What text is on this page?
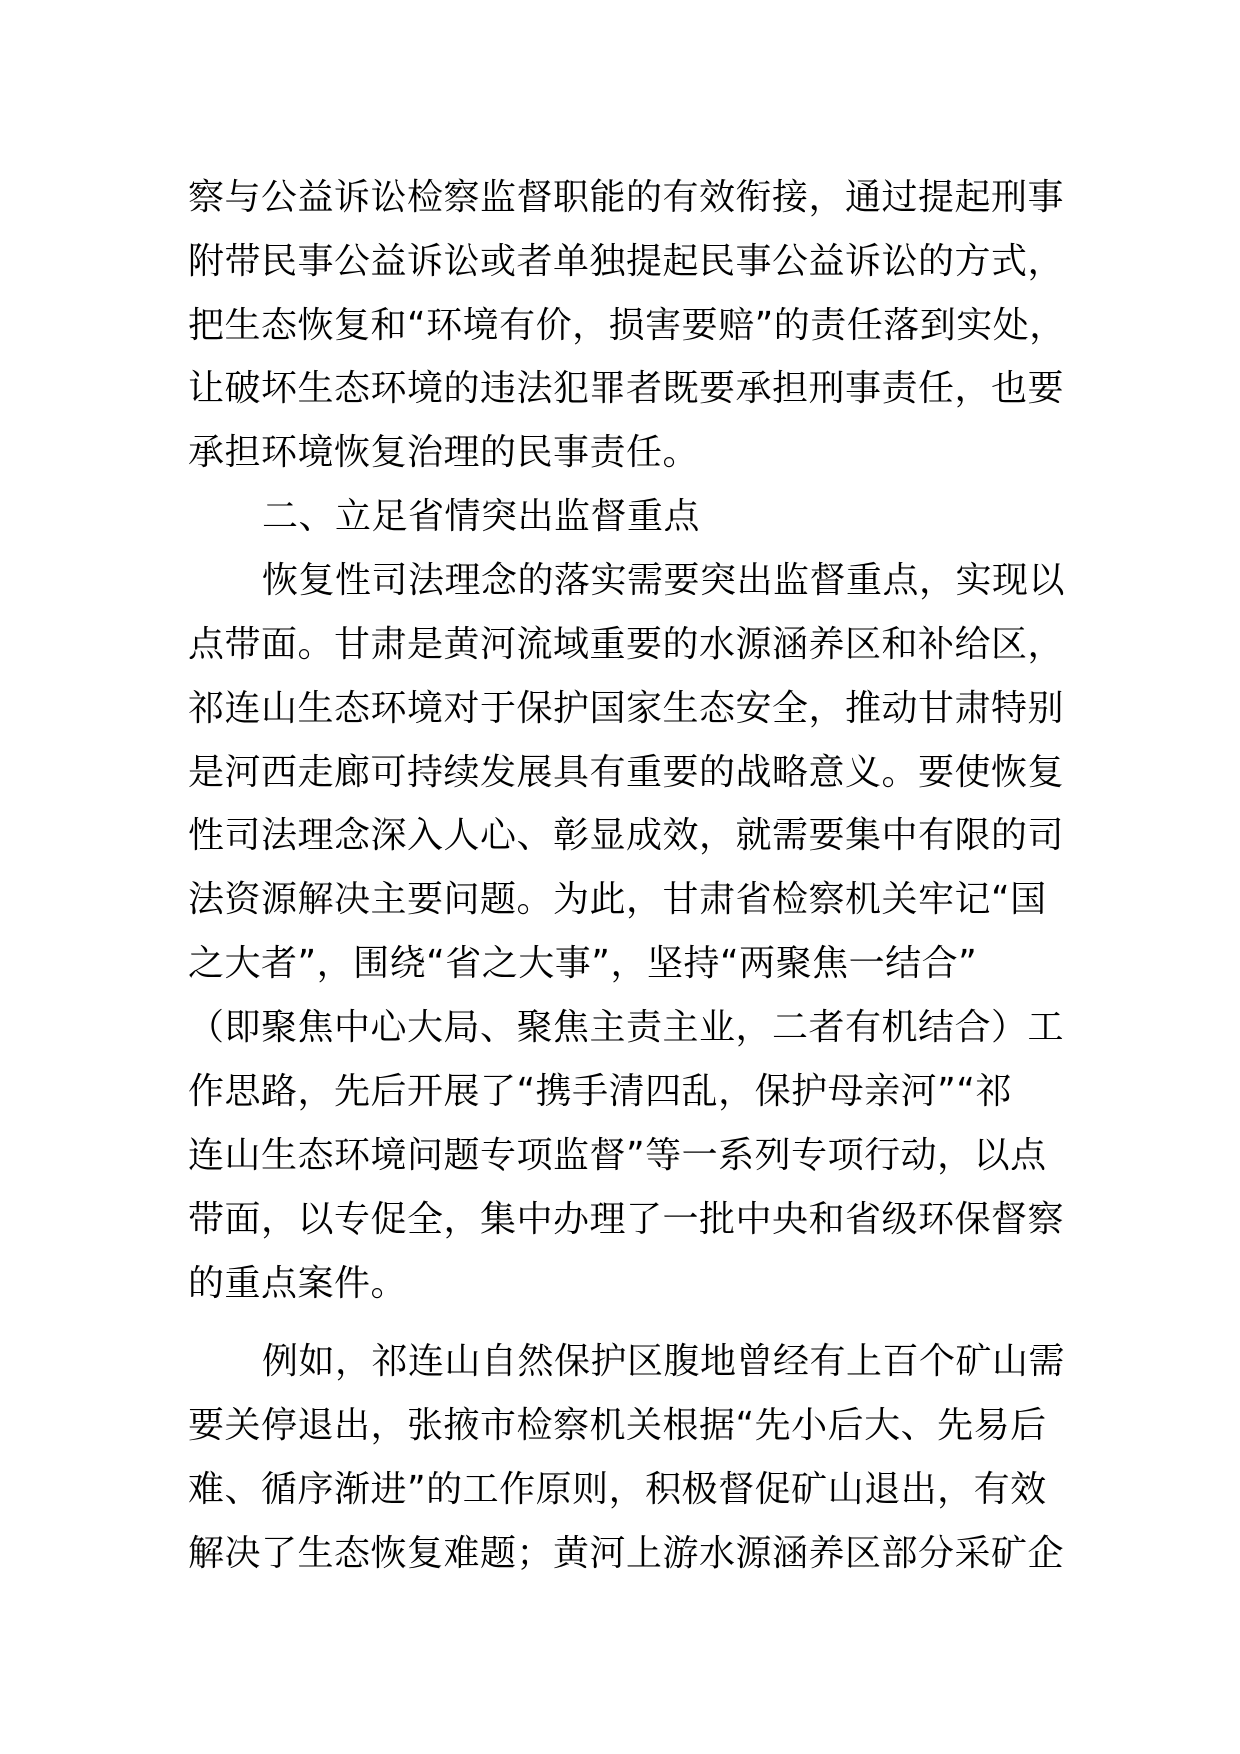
察与公益诉讼检察监督职能的有效衔接，通过提起刑事
附带民事公益诉讼或者单独提起民事公益诉讼的方式，
把生态恢复和“环境有价，损害要赔”的责任落到实处，
让破坏生态环境的违法犯罪者既要承担刑事责任，也要
承担环境恢复治理的民事责任。
二、立足省情突出监督重点
恢复性司法理念的落实需要突出监督重点，实现以
点带面。甘肃是黄河流域重要的水源涵养区和补给区，
祁连山生态环境对于保护国家生态安全，推动甘肃特别
是河西走廊可持续发展具有重要的战略意义。要使恢复
性司法理念深入人心、彰显成效，就需要集中有限的司
法资源解决主要问题。为此，甘肃省检察机关牢记“国
之大者”，围绕“省之大事”，坚持“两聚焦一结合”
（即聚焦中心大局、聚焦主责主业，二者有机结合）工
作思路，先后开展了“携手清四乱，保护母亲河”“祁
连山生态环境问题专项监督”等一系列专项行动，以点
带面，以专促全，集中办理了一批中央和省级环保督察
的重点案件。
例如，祁连山自然保护区腹地曾经有上百个矿山需
要关停退出，张掖市检察机关根据“先小后大、先易后
难、循序渐进”的工作原则，积极督促矿山退出，有效
解决了生态恢复难题；黄河上游水源涵养区部分采矿企
